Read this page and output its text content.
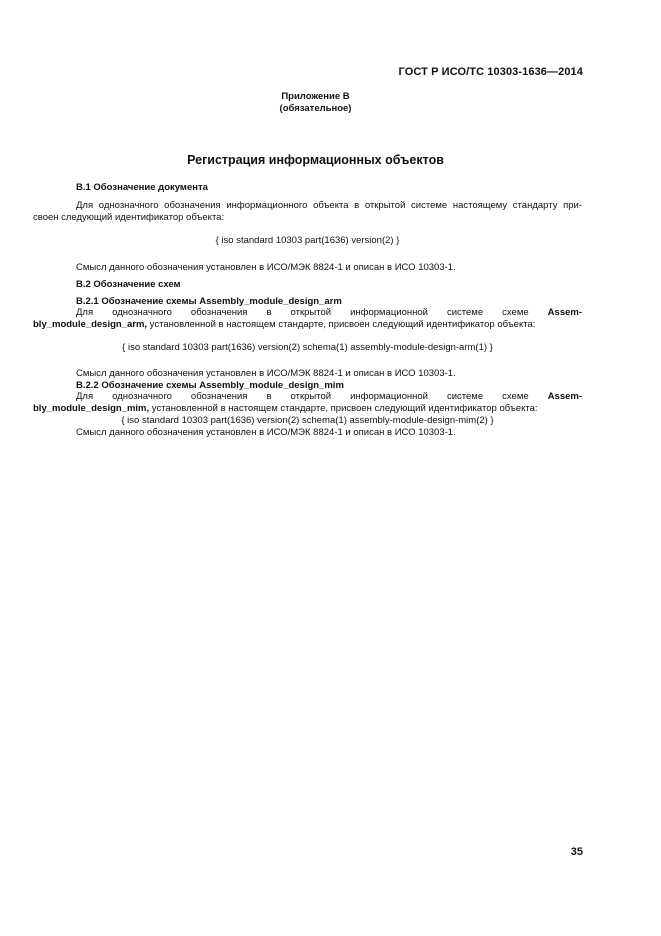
ГОСТ Р ИСО/ТС 10303-1636—2014
Приложение В
(обязательное)
Регистрация информационных объектов
В.1 Обозначение документа
Для однозначного обозначения информационного объекта в открытой системе настоящему стандарту при-
своен следующий идентификатор объекта:
{ iso standard 10303 part(1636) version(2) }
Смысл данного обозначения установлен в ИСО/МЭК 8824-1 и описан в ИСО 10303-1.
В.2 Обозначение схем
В.2.1 Обозначение схемы Assembly_module_design_arm
Для однозначного обозначения в открытой информационной системе схеме Assem-
bly_module_design_arm, установленной в настоящем стандарте, присвоен следующий идентификатор объекта:
{ iso standard 10303 part(1636) version(2) schema(1) assembly-module-design-arm(1) }
Смысл данного обозначения установлен в ИСО/МЭК 8824-1 и описан в ИСО 10303-1.
В.2.2 Обозначение схемы Assembly_module_design_mim
Для однозначного обозначения в открытой информационной системе схеме Assem-
bly_module_design_mim, установленной в настоящем стандарте, присвоен следующий идентификатор объекта:
{ iso standard 10303 part(1636) version(2) schema(1) assembly-module-design-mim(2) }
Смысл данного обозначения установлен в ИСО/МЭК 8824-1 и описан в ИСО 10303-1.
35
